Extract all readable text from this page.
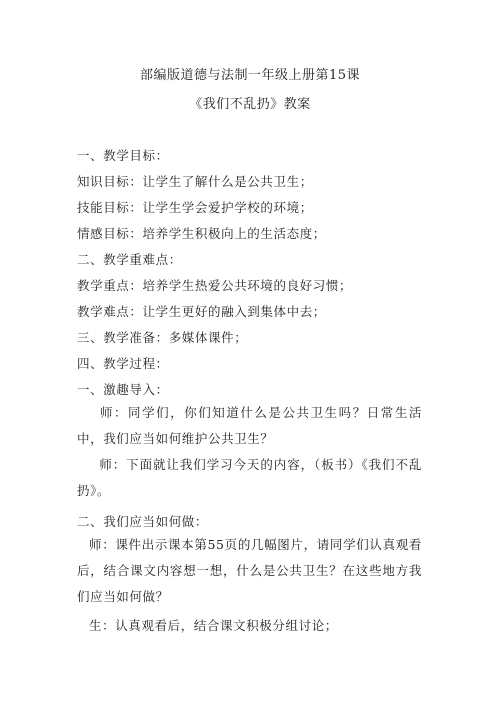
部编版道德与法制一年级上册第15课
《我们不乱扔》教案
一、教学目标：
知识目标：让学生了解什么是公共卫生；
技能目标：让学生学会爱护学校的环境；
情感目标：培养学生积极向上的生活态度；
二、教学重难点：
教学重点：培养学生热爱公共环境的良好习惯；
教学难点：让学生更好的融入到集体中去；
三、教学准备：多媒体课件；
四、教学过程：
一、激趣导入：
师：同学们，你们知道什么是公共卫生吗？日常生活中，我们应当如何维护公共卫生？
师：下面就让我们学习今天的内容，（板书）《我们不乱扔》。
二、我们应当如何做：
师：课件出示课本第55页的几幅图片，请同学们认真观看后，结合课文内容想一想，什么是公共卫生？在这些地方我们应当如何做？
生：认真观看后，结合课文积极分组讨论；
